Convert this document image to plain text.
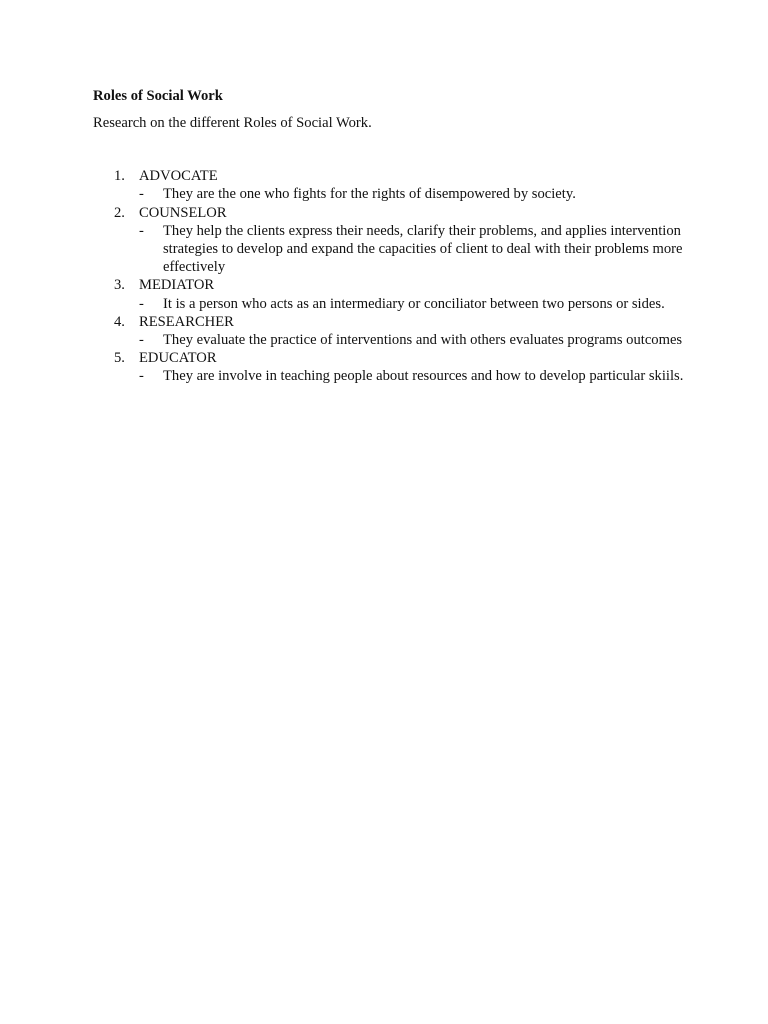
Roles of Social Work

Research on the different Roles of Social Work.

1. ADVOCATE
- They are the one who fights for the rights of disempowered by society.
2. COUNSELOR
- They help the clients express their needs, clarify their problems, and applies intervention strategies to develop and expand the capacities of client to deal with their problems more effectively
3. MEDIATOR
- It is a person who acts as an intermediary or conciliator between two persons or sides.
4. RESEARCHER
- They evaluate the practice of interventions and with others evaluates programs outcomes
5. EDUCATOR
- They are involve in teaching people about resources and how to develop particular skiils.
